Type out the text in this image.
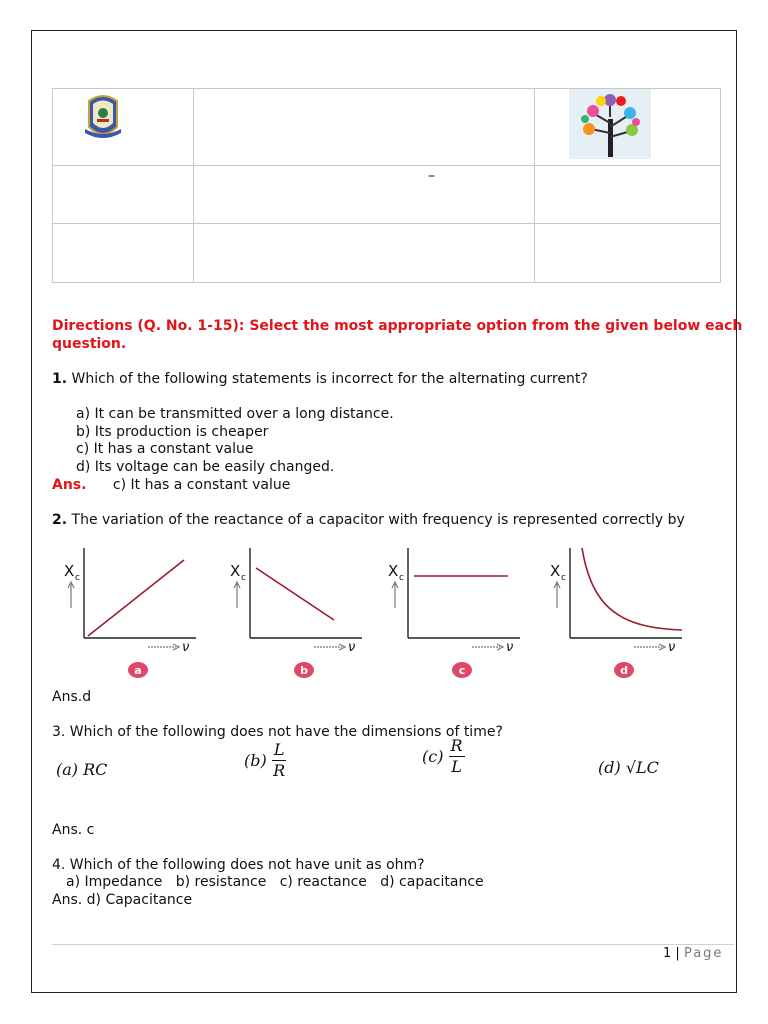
–
Directions (Q. No. 1-15): Select the most appropriate option from the given below each
question.
1. Which of the following statements is incorrect for the alternating current?
a) It can be transmitted over a long distance.
b) Its production is cheaper
c) It has a constant value
d) Its voltage can be easily changed.
Ans. c) It has a constant value
2. The variation of the reactance of a capacitor with frequency is represented correctly by
X c
ν
a
X c
ν
b
X c
ν
c
X c
ν
d
Ans.d
3. Which of the following does not have the dimensions of time?
(a) RC	$(b) \frac{L}{R}$	$(c) \frac{R}{L}$	(d) √LC
Ans. c
4. Which of the following does not have unit as ohm?
a) Impedance   b) resistance   c) reactance   d) capacitance
Ans. d) Capacitance
1 | Page
